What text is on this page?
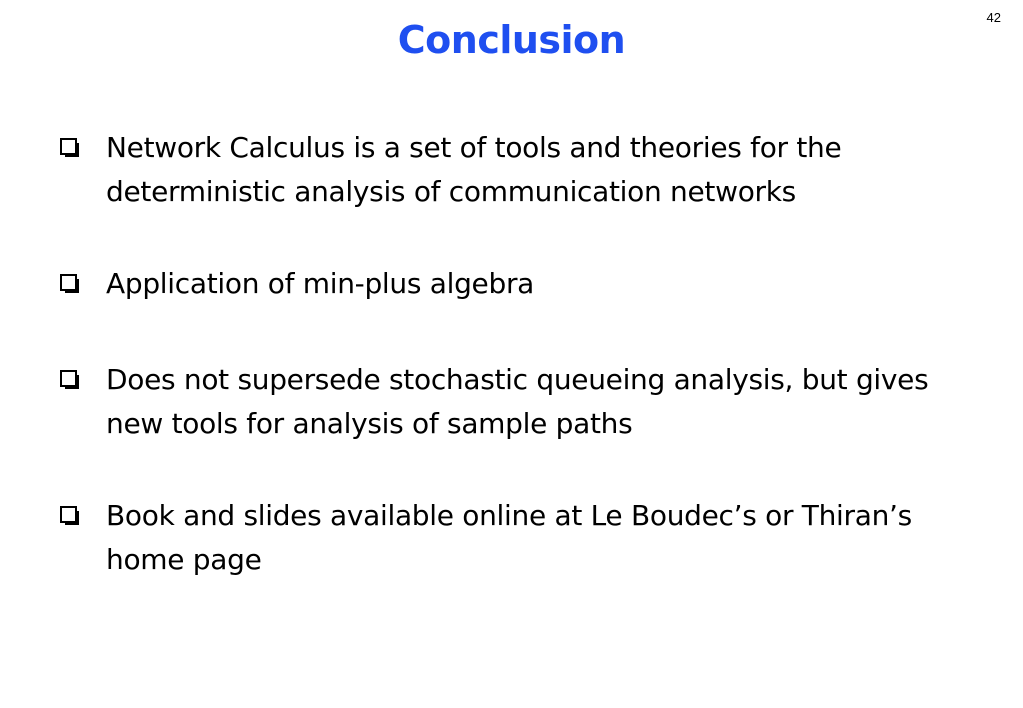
42
Conclusion
Network Calculus is a set of tools and theories for the deterministic analysis of communication networks
Application of min-plus algebra
Does not supersede stochastic queueing analysis, but gives new tools for analysis of sample paths
Book and slides available online at Le Boudec’s or Thiran’s home page
